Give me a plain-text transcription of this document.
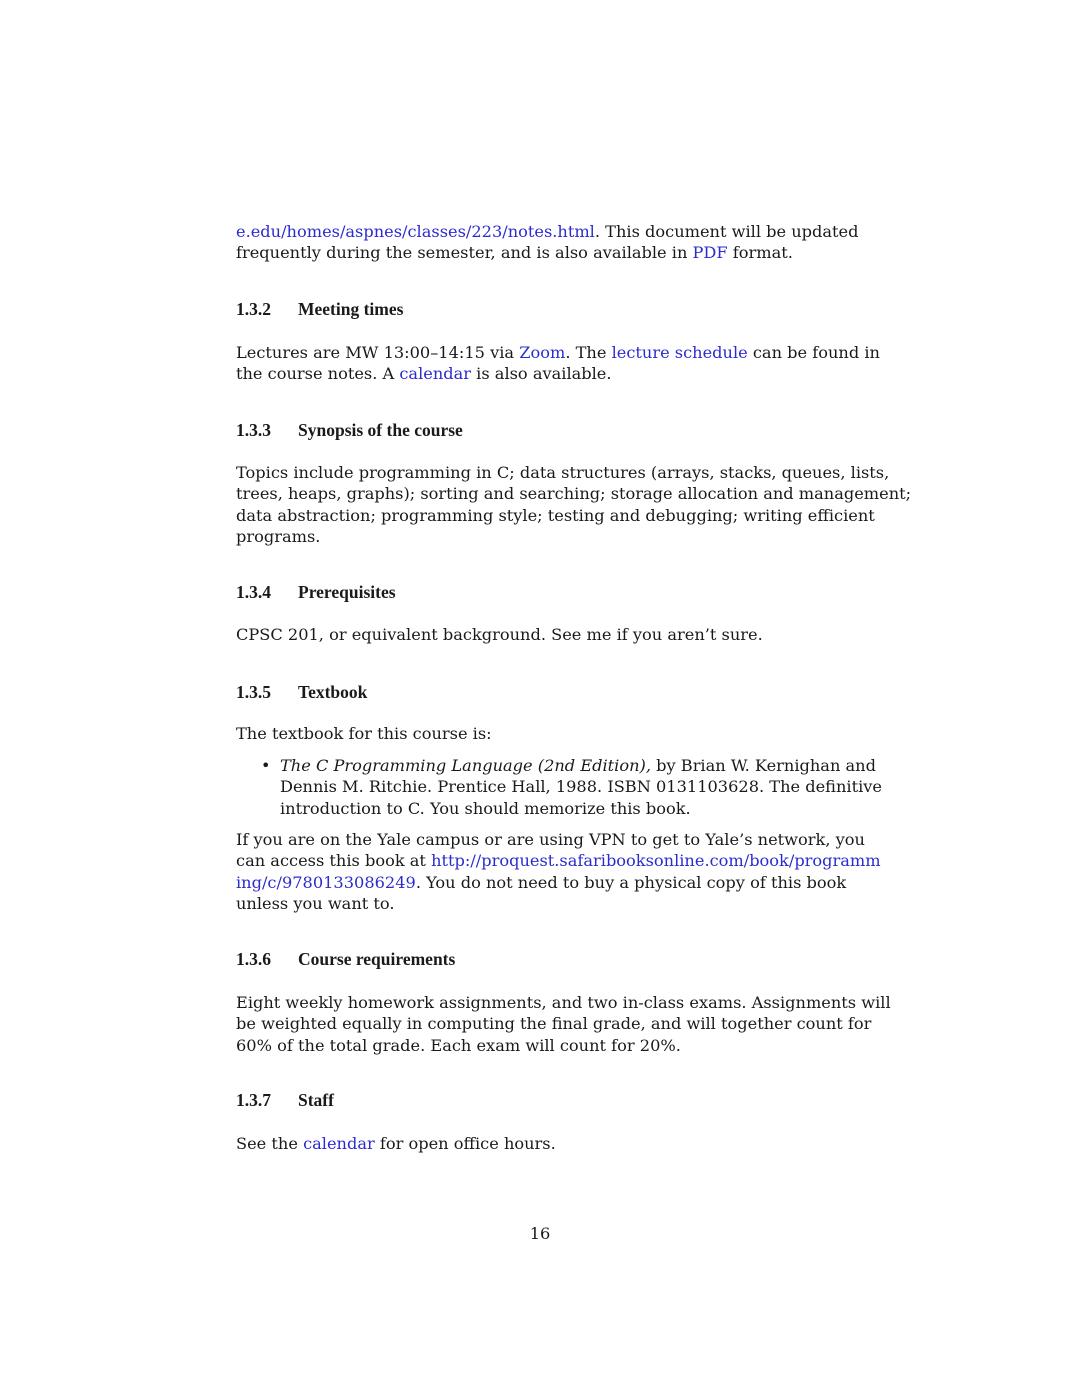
e.edu/homes/aspnes/classes/223/notes.html. This document will be updated
frequently during the semester, and is also available in PDF format.
1.3.2 Meeting times
Lectures are MW 13:00–14:15 via Zoom. The lecture schedule can be found in
the course notes. A calendar is also available.
1.3.3 Synopsis of the course
Topics include programming in C; data structures (arrays, stacks, queues, lists,
trees, heaps, graphs); sorting and searching; storage allocation and management;
data abstraction; programming style; testing and debugging; writing efficient
programs.
1.3.4 Prerequisites
CPSC 201, or equivalent background. See me if you aren’t sure.
1.3.5 Textbook
The textbook for this course is:
• The C Programming Language (2nd Edition), by Brian W. Kernighan and
Dennis M. Ritchie. Prentice Hall, 1988. ISBN 0131103628. The definitive
introduction to C. You should memorize this book.
If you are on the Yale campus or are using VPN to get to Yale’s network, you
can access this book at http://proquest.safaribooksonline.com/book/programm
ing/c/9780133086249. You do not need to buy a physical copy of this book
unless you want to.
1.3.6 Course requirements
Eight weekly homework assignments, and two in-class exams. Assignments will
be weighted equally in computing the final grade, and will together count for
60% of the total grade. Each exam will count for 20%.
1.3.7 Staff
See the calendar for open office hours.
16
